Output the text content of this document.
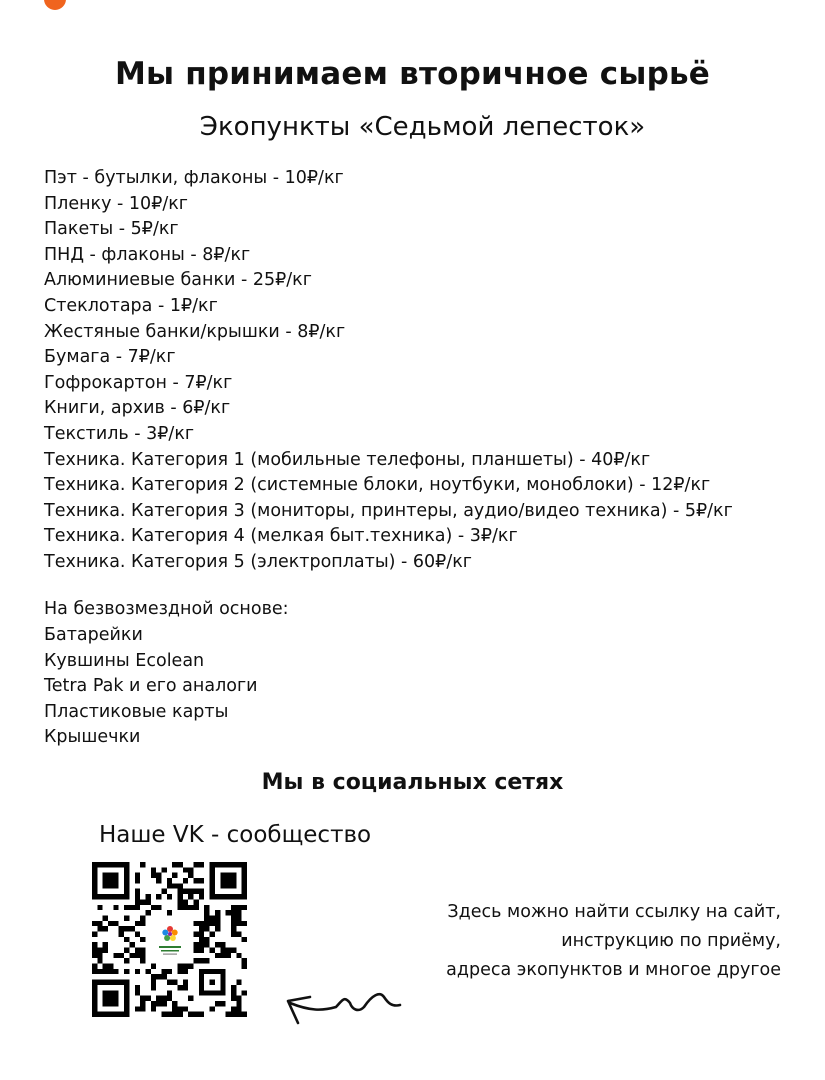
Мы принимаем вторичное сырьё
Экопункты «Седьмой лепесток»
Пэт - бутылки, флаконы - 10₽/кг
Пленку - 10₽/кг
Пакеты - 5₽/кг
ПНД - флаконы - 8₽/кг
Алюминиевые банки - 25₽/кг
Стеклотара - 1₽/кг
Жестяные банки/крышки - 8₽/кг
Бумага - 7₽/кг
Гофрокартон - 7₽/кг
Книги, архив - 6₽/кг
Текстиль - 3₽/кг
Техника. Категория 1 (мобильные телефоны, планшеты) - 40₽/кг
Техника. Категория 2 (системные блоки, ноутбуки, моноблоки) - 12₽/кг
Техника. Категория 3 (мониторы, принтеры, аудио/видео техника) - 5₽/кг
Техника. Категория 4 (мелкая быт.техника) - 3₽/кг
Техника. Категория 5 (электроплаты) - 60₽/кг
На безвозмездной основе:
Батарейки
Кувшины Ecolean
Tetra Pak и его аналоги
Пластиковые карты
Крышечки
Мы в социальных сетях
Наше VK - сообщество
Здесь можно найти ссылку на сайт,
инструкцию по приёму,
адреса экопунктов и многое другое
